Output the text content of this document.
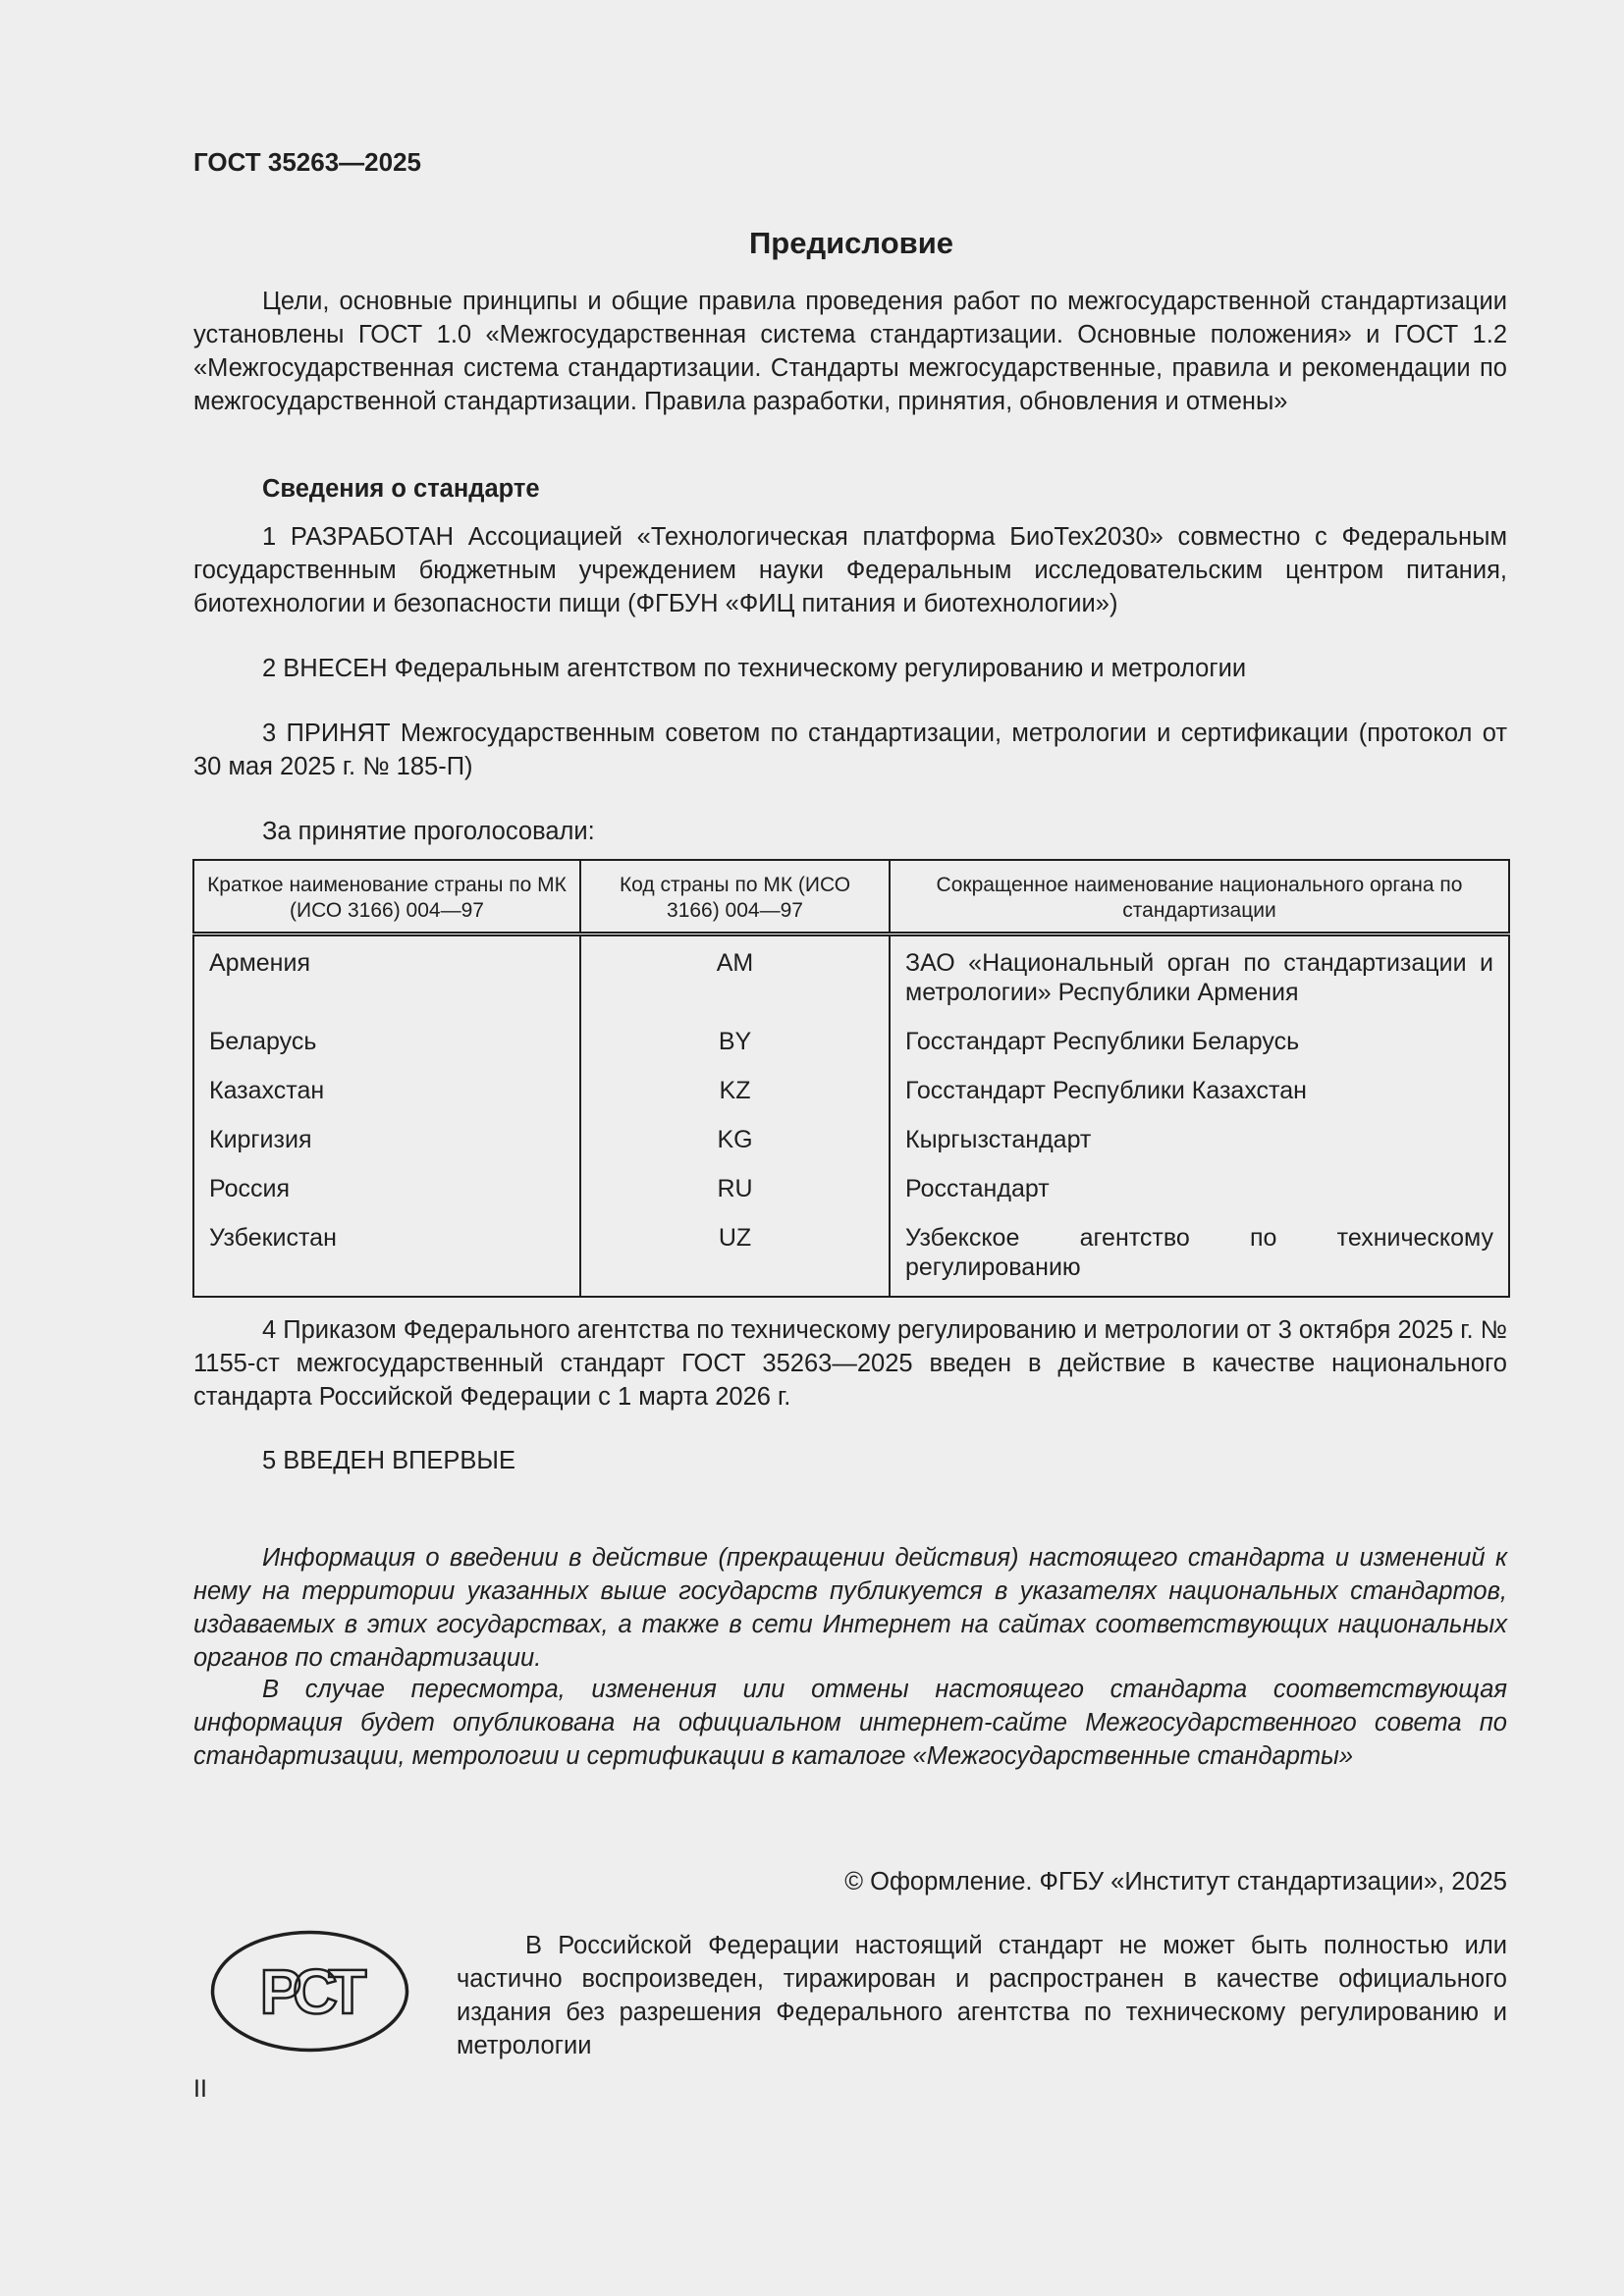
ГОСТ 35263—2025
Предисловие

Цели, основные принципы и общие правила проведения работ по межгосударственной стандартизации установлены ГОСТ 1.0 «Межгосударственная система стандартизации. Основные положения» и ГОСТ 1.2 «Межгосударственная система стандартизации. Стандарты межгосударственные, правила и рекомендации по межгосударственной стандартизации. Правила разработки, принятия, обновления и отмены»

Сведения о стандарте

1 РАЗРАБОТАН Ассоциацией «Технологическая платформа БиоТех2030» совместно с Федеральным государственным бюджетным учреждением науки Федеральным исследовательским центром питания, биотехнологии и безопасности пищи (ФГБУН «ФИЦ питания и биотехнологии»)

2 ВНЕСЕН Федеральным агентством по техническому регулированию и метрологии

3 ПРИНЯТ Межгосударственным советом по стандартизации, метрологии и сертификации (протокол от 30 мая 2025 г. № 185-П)

За принятие проголосовали:

Краткое наименование страны по МК (ИСО 3166) 004—97	Код страны по МК (ИСО 3166) 004—97	Сокращенное наименование национального органа по стандартизации
Армения	AM	ЗАО «Национальный орган по стандартизации и метрологии» Республики Армения
Беларусь	BY	Госстандарт Республики Беларусь
Казахстан	KZ	Госстандарт Республики Казахстан
Киргизия	KG	Кыргызстандарт
Россия	RU	Росстандарт
Узбекистан	UZ	Узбекское агентство по техническому регулированию

4 Приказом Федерального агентства по техническому регулированию и метрологии от 3 октября 2025 г. № 1155-ст межгосударственный стандарт ГОСТ 35263—2025 введен в действие в качестве национального стандарта Российской Федерации с 1 марта 2026 г.

5 ВВЕДЕН ВПЕРВЫЕ

Информация о введении в действие (прекращении действия) настоящего стандарта и изменений к нему на территории указанных выше государств публикуется в указателях национальных стандартов, издаваемых в этих государствах, а также в сети Интернет на сайтах соответствующих национальных органов по стандартизации.

В случае пересмотра, изменения или отмены настоящего стандарта соответствующая информация будет опубликована на официальном интернет-сайте Межгосударственного совета по стандартизации, метрологии и сертификации в каталоге «Межгосударственные стандарты»

© Оформление. ФГБУ «Институт стандартизации», 2025
РСТ

В Российской Федерации настоящий стандарт не может быть полностью или частично воспроизведен, тиражирован и распространен в качестве официального издания без разрешения Федерального агентства по техническому регулированию и метрологии

II
